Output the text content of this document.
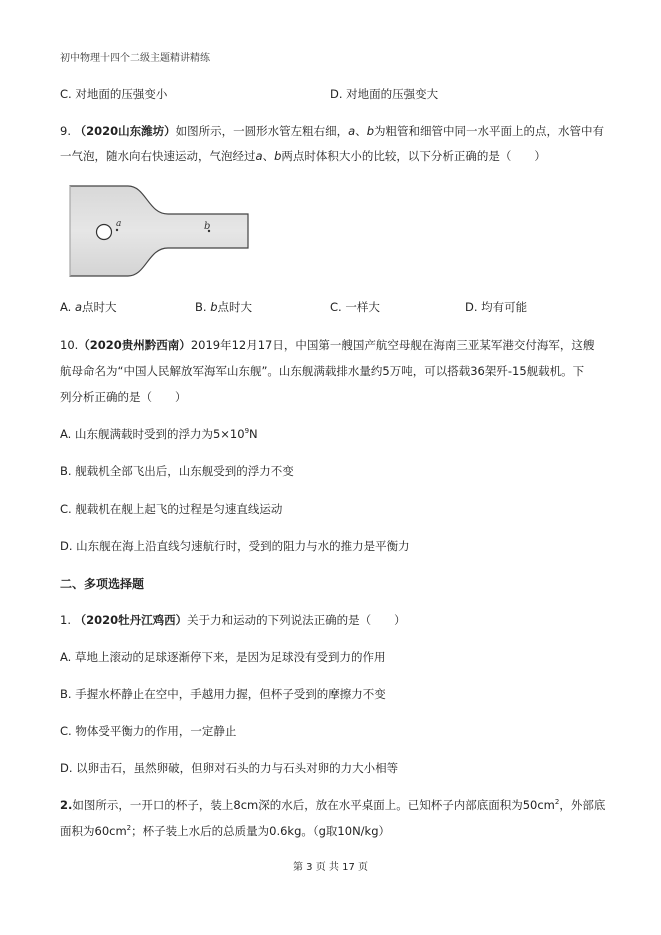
初中物理十四个二级主题精讲精练
C. 对地面的压强变小	D. 对地面的压强变大
9. （2020山东潍坊）如图所示，一圆形水管左粗右细，a、b为粗管和细管中同一水平面上的点，水管中有
一气泡，随水向右快速运动，气泡经过a、b两点时体积大小的比较，以下分析正确的是（　　）
a	b
A. a点时大	B. b点时大	C. 一样大	D. 均有可能
10.（2020贵州黔西南）2019年12月17日，中国第一艘国产航空母舰在海南三亚某军港交付海军，这艘
航母命名为“中国人民解放军海军山东舰”。山东舰满载排水量约5万吨，可以搭载36架歼-15舰载机。下
列分析正确的是（　　）
A. 山东舰满载时受到的浮力为$5\times 10^9N$
B. 舰载机全部飞出后，山东舰受到的浮力不变
C. 舰载机在舰上起飞的过程是匀速直线运动
D. 山东舰在海上沿直线匀速航行时，受到的阻力与水的推力是平衡力
二、多项选择题
1. （2020牡丹江鸡西）关于力和运动的下列说法正确的是（　　）
A. 草地上滚动的足球逐渐停下来，是因为足球没有受到力的作用
B. 手握水杯静止在空中，手越用力握，但杯子受到的摩擦力不变
C. 物体受平衡力的作用，一定静止
D. 以卵击石，虽然卵破，但卵对石头的力与石头对卵的力大小相等
2.如图所示，一开口的杯子，装上8cm深的水后，放在水平桌面上。已知杯子内部底面积为$50cm^2$，外部底
面积为$60cm^2$；杯子装上水后的总质量为0.6kg。（g取10N/kg）
第 3 页 共 17 页
